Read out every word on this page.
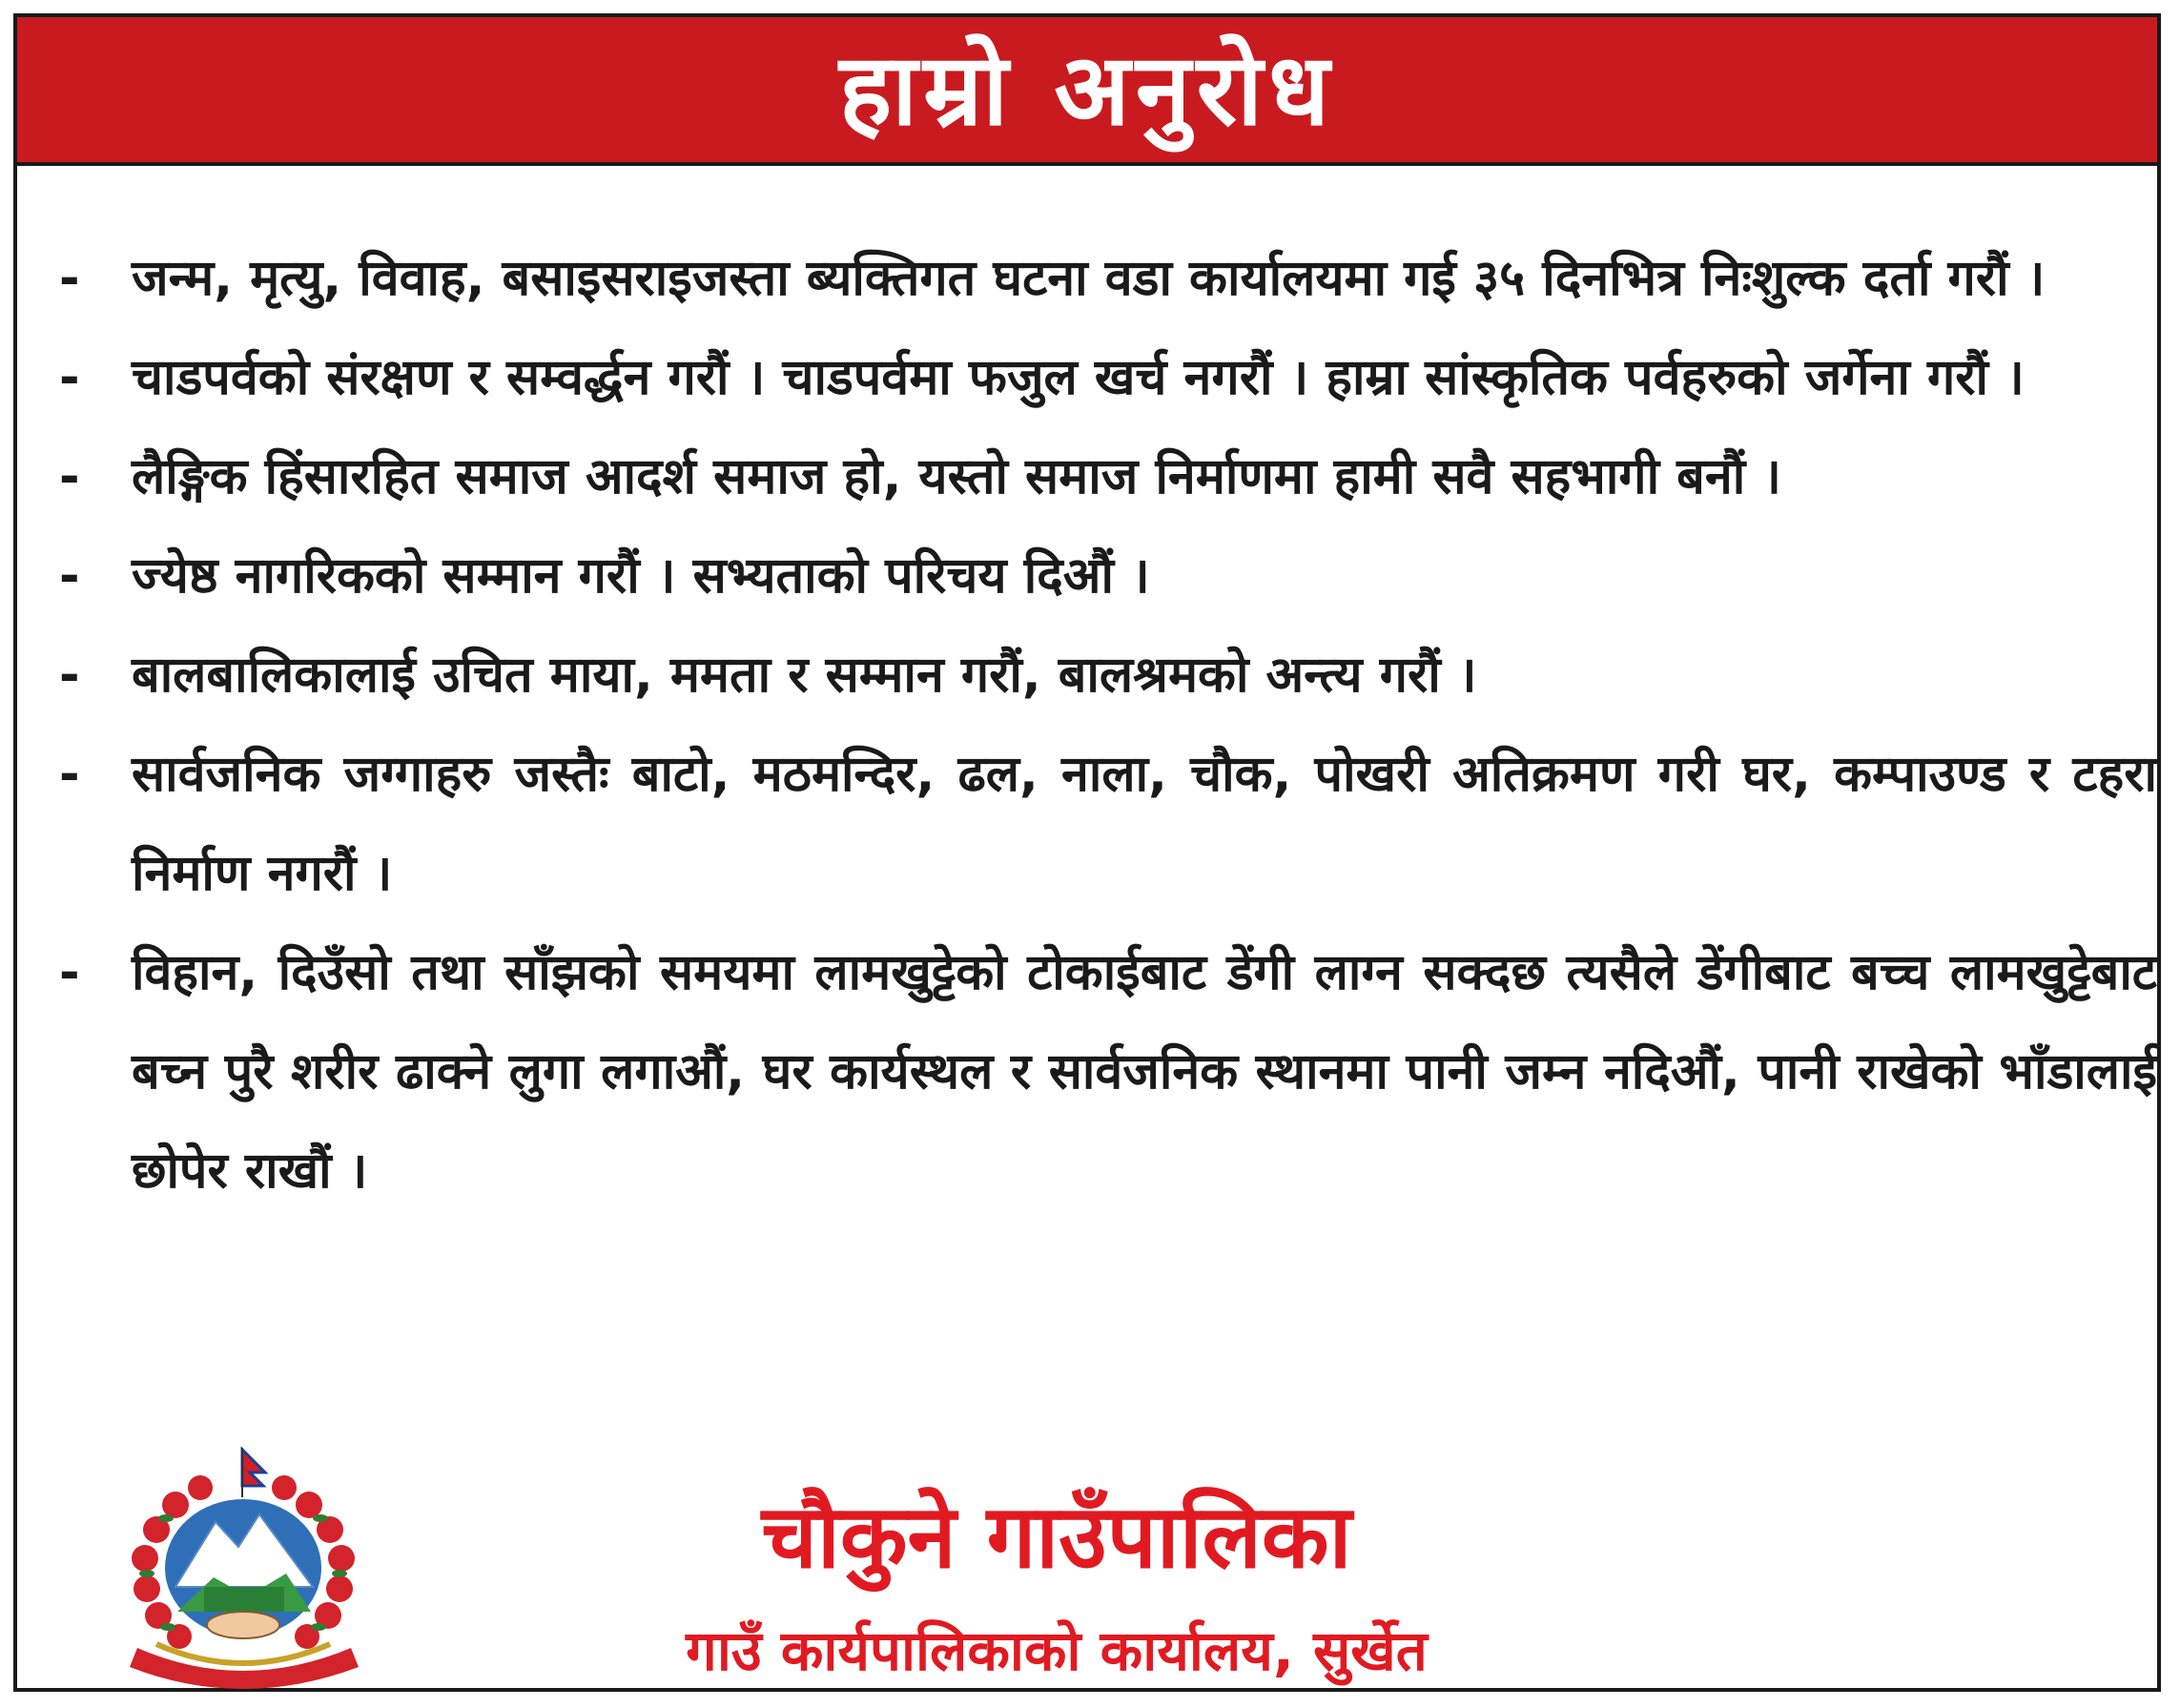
हाम्रो अनुरोध
-	जन्म, मृत्यु, विवाह, बसाइसराइजस्ता ब्यक्तिगत घटना वडा कार्यालयमा गई ३५ दिनभित्र निःशुल्क दर्ता गरौं ।
-	चाडपर्वको संरक्षण र सम्वर्द्धन गरौं । चाडपर्वमा फजुल खर्च नगरौं । हाम्रा सांस्कृतिक पर्वहरुको जर्गेना गरौं ।
-	लैङ्गिक हिंसारहित समाज आदर्श समाज हो, यस्तो समाज निर्माणमा हामी सवै सहभागी बनौं ।
-	ज्येष्ठ नागरिकको सम्मान गरौं । सभ्यताको परिचय दिऔं ।
-	बालबालिकालाई उचित माया, ममता र सम्मान गरौं, बालश्रमको अन्त्य गरौं ।
-	सार्वजनिक जग्गाहरु जस्तैः बाटो, मठमन्दिर, ढल, नाला, चौक, पोखरी अतिक्रमण गरी घर, कम्पाउण्ड र टहरा निर्माण नगरौं ।
-	विहान, दिउँसो तथा साँझको समयमा लामखुट्टेको टोकाईबाट डेंगी लाग्न सक्दछ त्यसैले डेंगीबाट बच्च लामखुट्टेबाट बच्न पुरै शरीर ढाक्ने लुगा लगाऔं, घर कार्यस्थल र सार्वजनिक स्थानमा पानी जम्न नदिऔं, पानी राखेको भाँडालाई छोपेर राखौं ।
चौकुने गाउँपालिका
गाउँ कार्यपालिकाको कार्यालय, सुर्खेत
